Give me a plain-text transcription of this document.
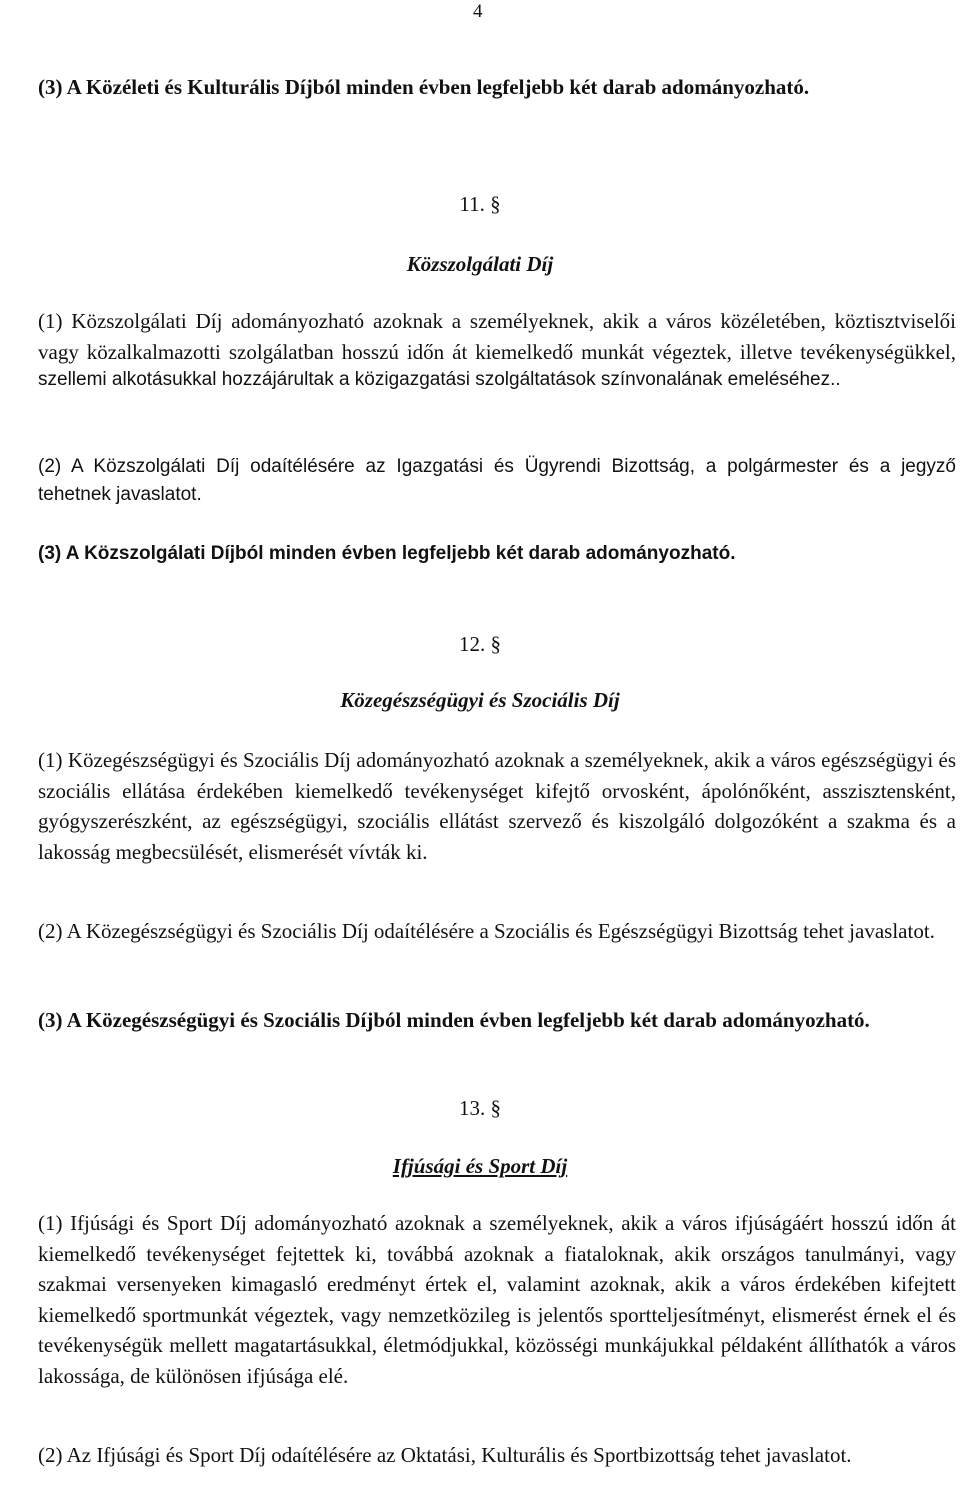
4
(3) A Közéleti és Kulturális Díjból minden évben legfeljebb két darab adományozható.
11. §
Közszolgálati Díj
(1) Közszolgálati Díj adományozható azoknak a személyeknek, akik a város közéletében, köztisztviselői vagy közalkalmazotti szolgálatban hosszú időn át kiemelkedő munkát végeztek, illetve tevékenységükkel,
szellemi alkotásukkal hozzájárultak a közigazgatási szolgáltatások színvonalának emeléséhez..
(2) A Közszolgálati Díj odaítélésére az Igazgatási és Ügyrendi Bizottság, a polgármester és a jegyző tehetnek javaslatot.
(3) A Közszolgálati Díjból minden évben legfeljebb két darab adományozható.
12. §
Közegészségügyi és Szociális Díj
(1) Közegészségügyi és Szociális Díj adományozható azoknak a személyeknek, akik a város egészségügyi és szociális ellátása érdekében kiemelkedő tevékenységet kifejtő orvosként, ápolónőként, asszisztensként, gyógyszerészként, az egészségügyi, szociális ellátást szervező és kiszolgáló dolgozóként a szakma és a lakosság megbecsülését, elismerését vívták ki.
(2) A Közegészségügyi és Szociális Díj odaítélésére a Szociális és Egészségügyi Bizottság tehet javaslatot.
(3) A Közegészségügyi és Szociális Díjból minden évben legfeljebb két darab adományozható.
13. §
Ifjúsági és Sport Díj
(1) Ifjúsági és Sport Díj adományozható azoknak a személyeknek, akik a város ifjúságáért hosszú időn át kiemelkedő tevékenységet fejtettek ki, továbbá azoknak a fiataloknak, akik országos tanulmányi, vagy szakmai versenyeken kimagasló eredményt értek el, valamint azoknak, akik a város érdekében kifejtett kiemelkedő sportmunkát végeztek, vagy nemzetközileg is jelentős sportteljesítményt, elismerést érnek el és tevékenységük mellett magatartásukkal, életmódjukkal, közösségi munkájukkal példaként állíthatók a város lakossága, de különösen ifjúsága elé.
(2) Az Ifjúsági és Sport Díj odaítélésére az Oktatási, Kulturális és Sportbizottság tehet javaslatot.
